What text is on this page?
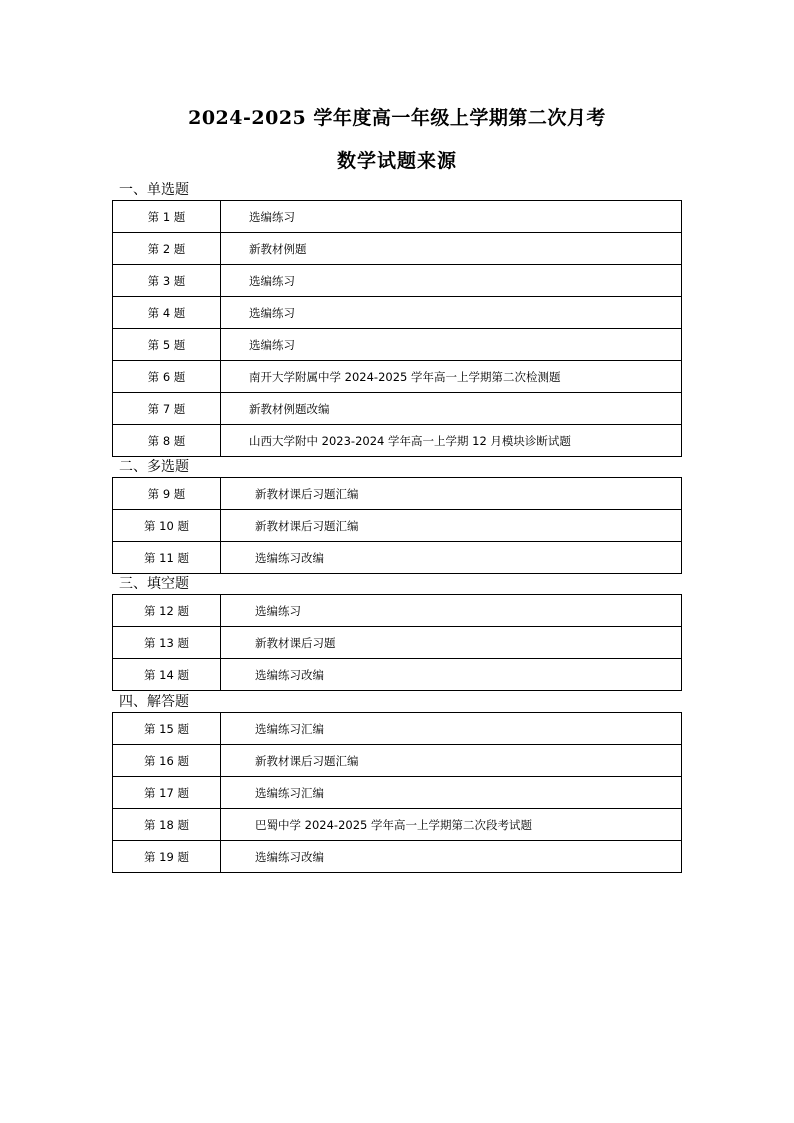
2024-2025 学年度高一年级上学期第二次月考
数学试题来源
一、单选题
第 1 题	选编练习
第 2 题	新教材例题
第 3 题	选编练习
第 4 题	选编练习
第 5 题	选编练习
第 6 题	南开大学附属中学 2024-2025 学年高一上学期第二次检测题
第 7 题	新教材例题改编
第 8 题	山西大学附中 2023-2024 学年高一上学期 12 月模块诊断试题
二、多选题
第 9 题	新教材课后习题汇编
第 10 题	新教材课后习题汇编
第 11 题	选编练习改编
三、填空题
第 12 题	选编练习
第 13 题	新教材课后习题
第 14 题	选编练习改编
四、解答题
第 15 题	选编练习汇编
第 16 题	新教材课后习题汇编
第 17 题	选编练习汇编
第 18 题	巴蜀中学 2024-2025 学年高一上学期第二次段考试题
第 19 题	选编练习改编
